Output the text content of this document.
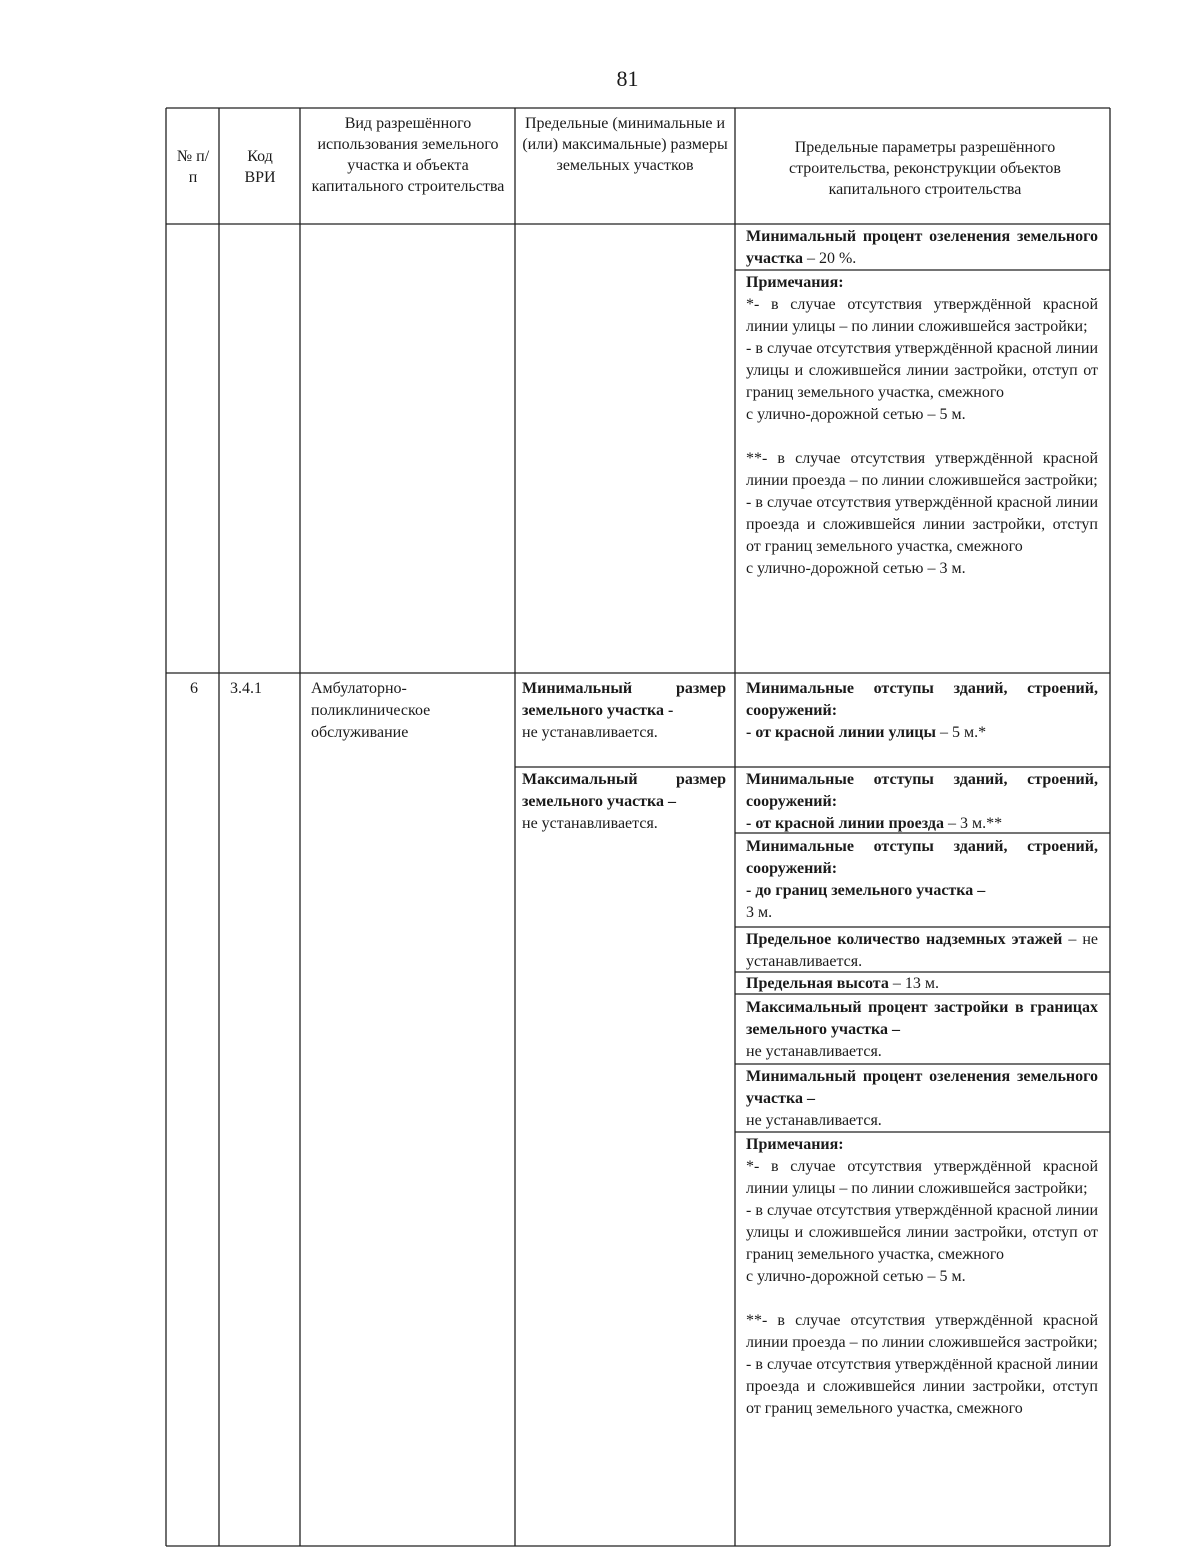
81
№ п/п
Код ВРИ
Вид разрешённого использования земельного участка и объекта капитального строительства
Предельные (минимальные и (или) максимальные) размеры земельных участков
Предельные параметры разрешённого строительства, реконструкции объектов капитального строительства
Минимальный процент озеленения земельного участка – 20 %.
Примечания:
*- в случае отсутствия утверждённой красной линии улицы – по линии сложившейся застройки;
- в случае отсутствия утверждённой красной линии улицы и сложившейся линии застройки, отступ от границ земельного участка, смежного
с улично-дорожной сетью – 5 м.
**- в случае отсутствия утверждённой красной линии проезда – по линии сложившейся застройки;
- в случае отсутствия утверждённой красной линии проезда и сложившейся линии застройки, отступ от границ земельного участка, смежного
с улично-дорожной сетью – 3 м.
6	3.4.1	Амбулаторно-поликлиническое обслуживание
Минимальный размер земельного участка -
не устанавливается.
Максимальный размер земельного участка –
не устанавливается.
Минимальные отступы зданий, строений, сооружений:
- от красной линии улицы – 5 м.*
Минимальные отступы зданий, строений, сооружений:
- от красной линии проезда – 3 м.**
Минимальные отступы зданий, строений, сооружений:
- до границ земельного участка –
3 м.
Предельное количество надземных этажей – не устанавливается.
Предельная высота – 13 м.
Максимальный процент застройки в границах земельного участка –
не устанавливается.
Минимальный процент озеленения земельного участка –
не устанавливается.
Примечания:
*- в случае отсутствия утверждённой красной линии улицы – по линии сложившейся застройки;
- в случае отсутствия утверждённой красной линии улицы и сложившейся линии застройки, отступ от границ земельного участка, смежного
с улично-дорожной сетью – 5 м.
**- в случае отсутствия утверждённой красной линии проезда – по линии сложившейся застройки;
- в случае отсутствия утверждённой красной линии проезда и сложившейся линии застройки, отступ от границ земельного участка, смежного
